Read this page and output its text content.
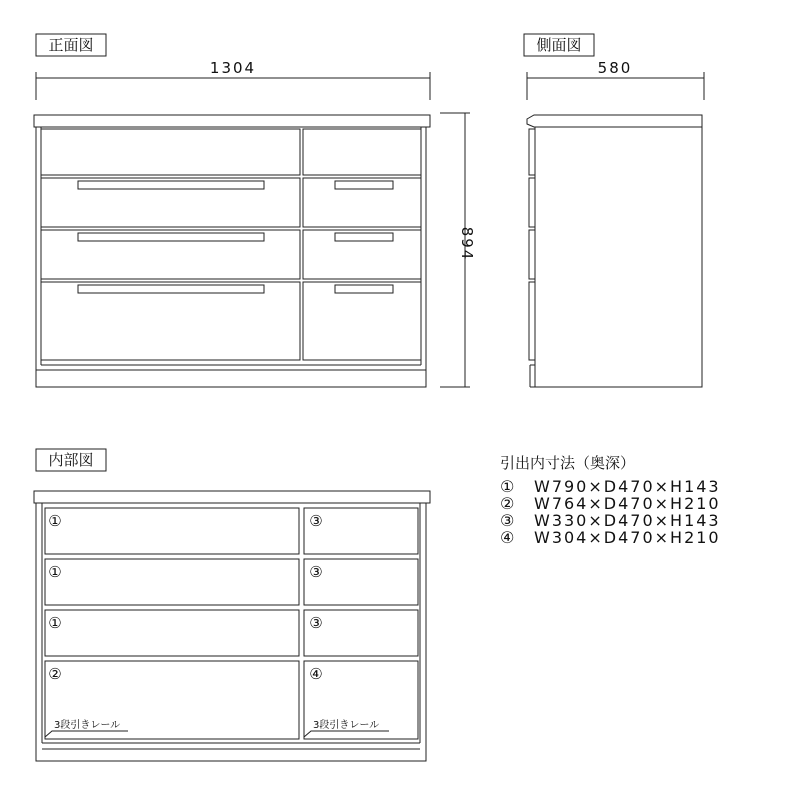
正面図
1304
894
側面図
580
内部図
①
①
①
②
③
③
③
④
3段引きレール	3段引きレール
引出内寸法（奥深）
① W790×D470×H143
② W764×D470×H210
③ W330×D470×H143
④ W304×D470×H210
